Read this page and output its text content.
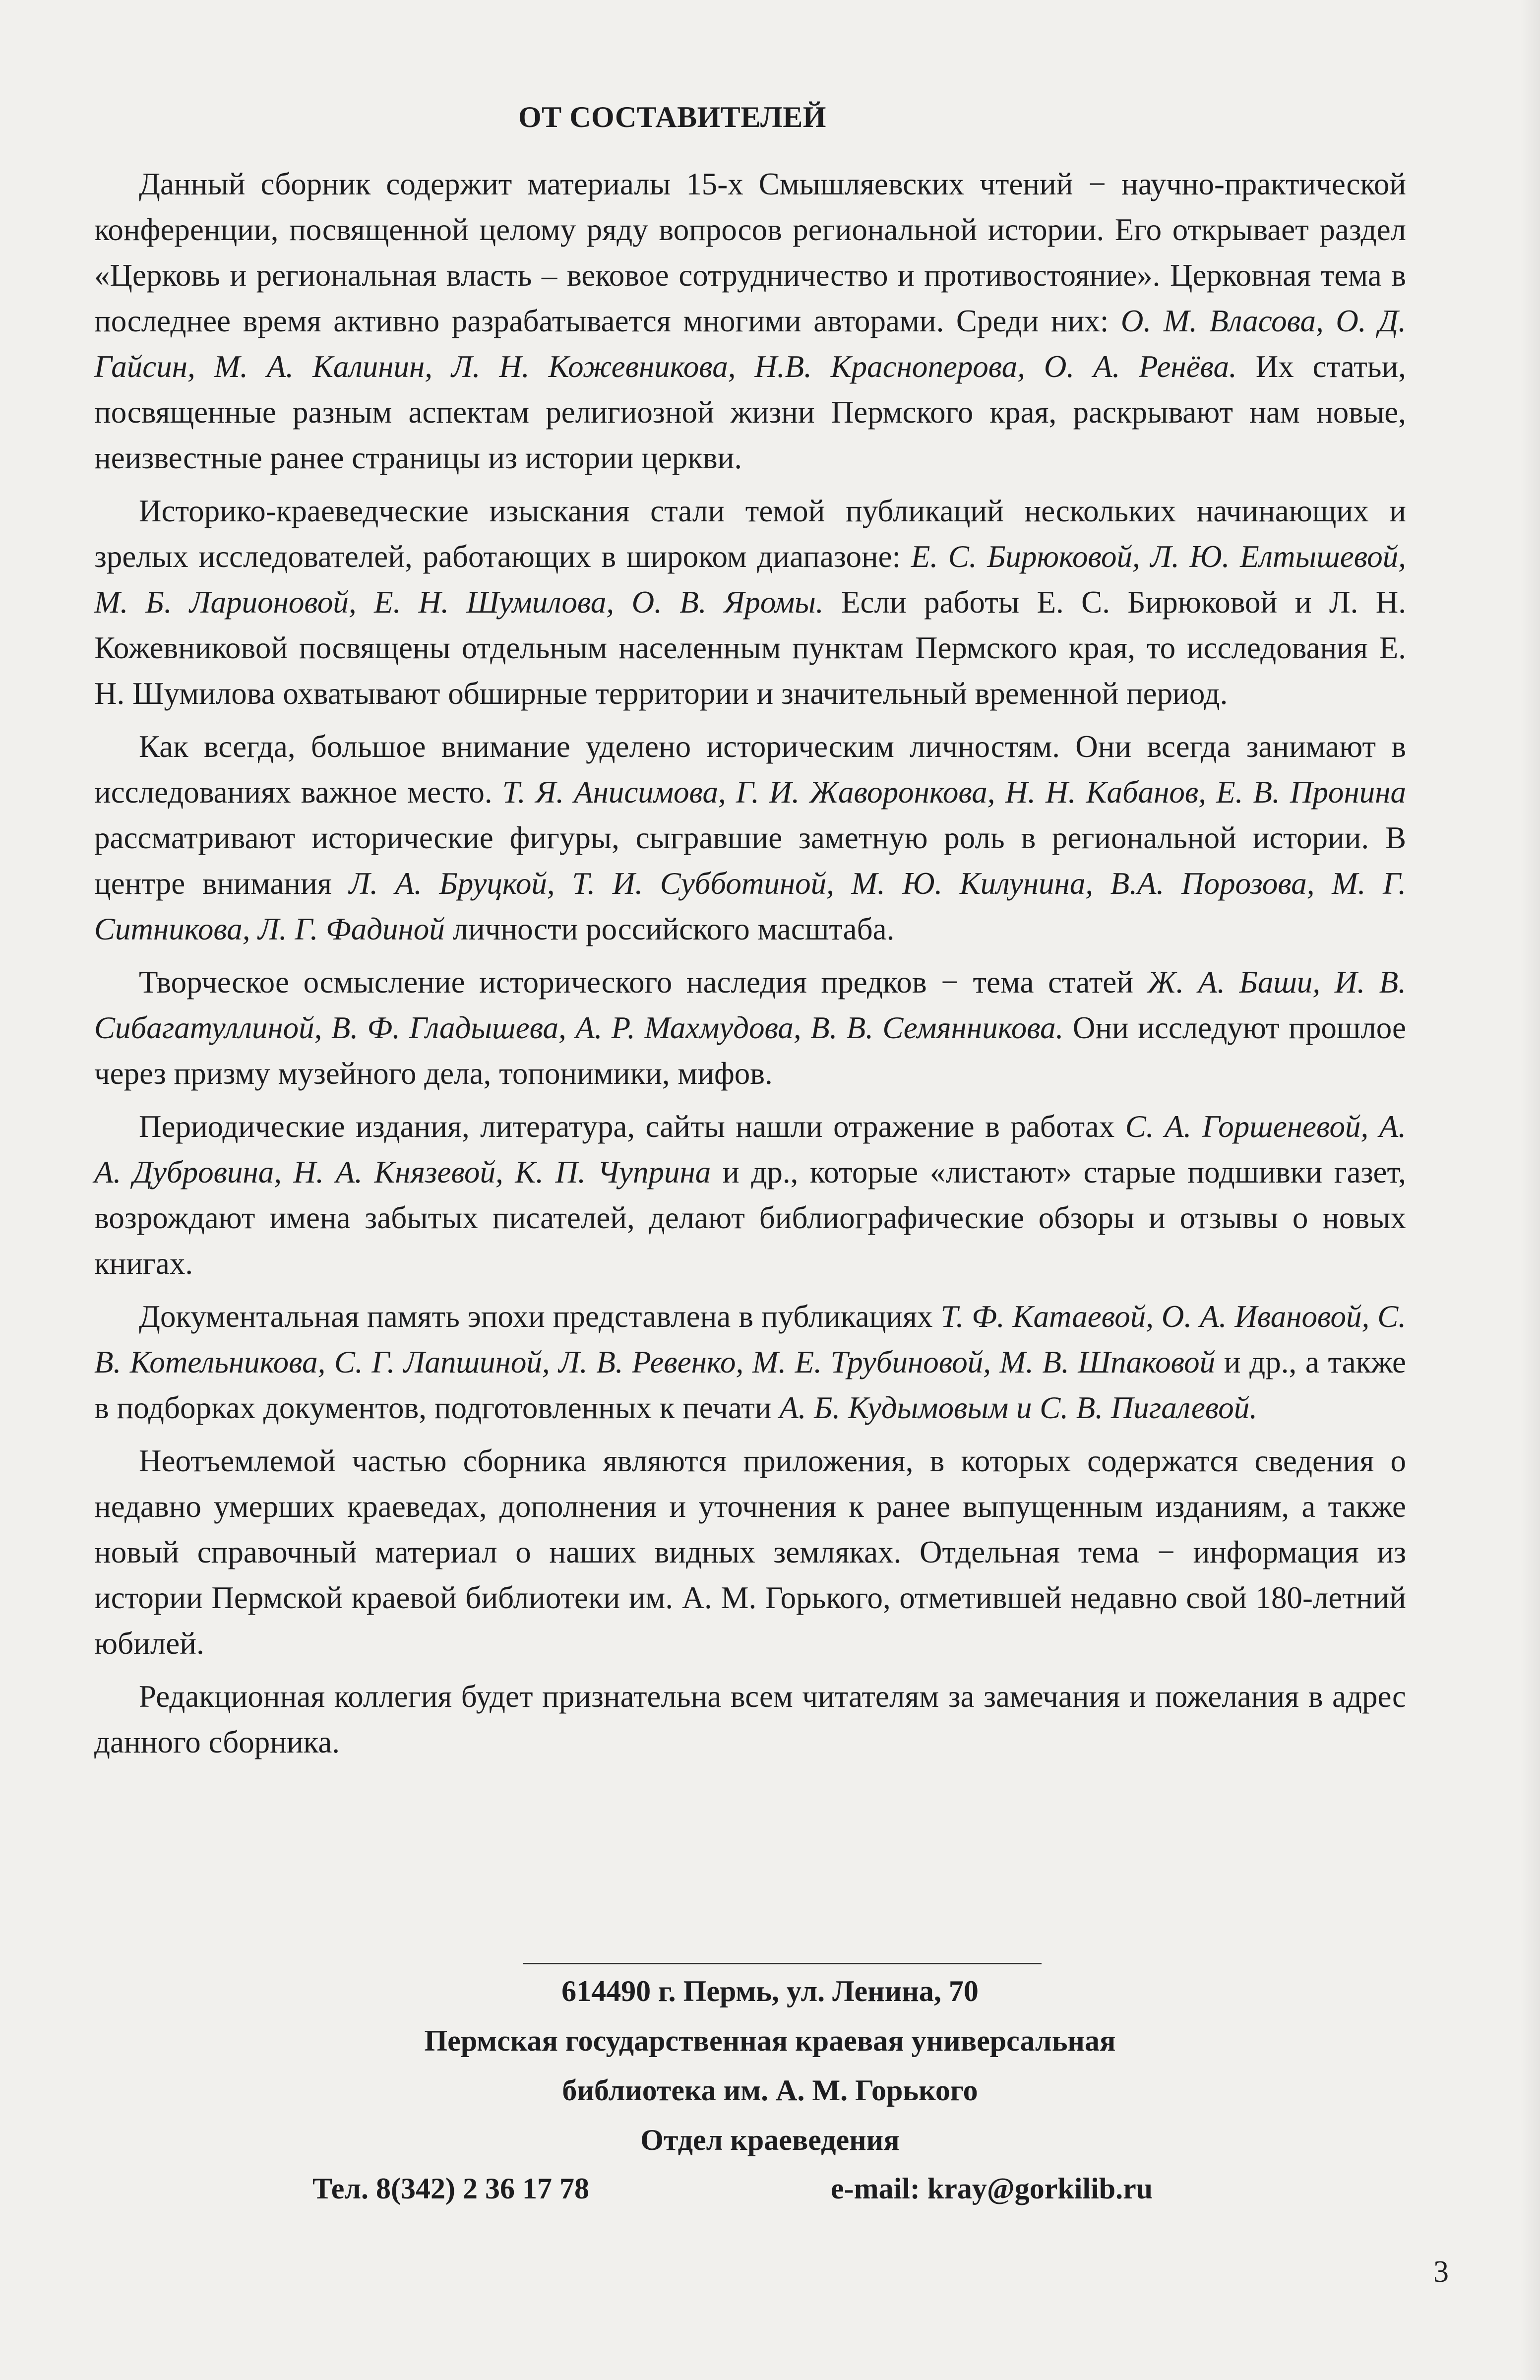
ОТ СОСТАВИТЕЛЕЙ

Данный сборник содержит материалы 15-х Смышляевских чтений − научно-практической конференции, посвященной целому ряду вопросов региональной истории. Его открывает раздел «Церковь и региональная власть – вековое сотрудничество и противостояние». Церковная тема в последнее время активно разрабатывается многими авторами. Среди них: О. М. Власова, О. Д. Гайсин, М. А. Калинин, Л. Н. Кожевникова, Н.В. Краснoперова, О. А. Ренёва. Их статьи, посвященные разным аспектам религиозной жизни Пермского края, раскрывают нам новые, неизвестные ранее страницы из истории церкви.

Историко-краеведческие изыскания стали темой публикаций нескольких начинающих и зрелых исследователей, работающих в широком диапазоне: Е. С. Бирюковой, Л. Ю. Елтышевой, М. Б. Ларионовой, Е. Н. Шумилова, О. В. Яромы. Если работы Е. С. Бирюковой и Л. Н. Кожевниковой посвящены отдельным населенным пунктам Пермского края, то исследования Е. Н. Шумилова охватывают обширные территории и значительный временной период.

Как всегда, большое внимание уделено историческим личностям. Они всегда занимают в исследованиях важное место. Т. Я. Анисимова, Г. И. Жаворонкова, Н. Н. Кабанов, Е. В. Пронина рассматривают исторические фигуры, сыгравшие заметную роль в региональной истории. В центре внимания Л. А. Бруцкой, Т. И. Субботиной, М. Ю. Килунина, В.А. Порозова, М. Г. Ситникова, Л. Г. Фадиной личности российского масштаба.

Творческое осмысление исторического наследия предков − тема статей Ж. А. Баши, И. В. Сибагатуллиной, В. Ф. Гладышева, А. Р. Махмудова, В. В. Семянникова. Они исследуют прошлое через призму музейного дела, топонимики, мифов.

Периодические издания, литература, сайты нашли отражение в работах С. А. Горшеневой, А. А. Дубровина, Н. А. Князевой, К. П. Чуприна и др., которые «листают» старые подшивки газет, возрождают имена забытых писателей, делают библиографические обзоры и отзывы о новых книгах.

Документальная память эпохи представлена в публикациях Т. Ф. Катаевой, О. А. Ивановой, С. В. Котельникова, С. Г. Лапшиной, Л. В. Ревенко, М. Е. Трубиновой, М. В. Шпаковой и др., а также в подборках документов, подготовленных к печати А. Б. Кудымовым и С. В. Пигалевой.

Неотъемлемой частью сборника являются приложения, в которых содержатся сведения о недавно умерших краеведах, дополнения и уточнения к ранее выпущенным изданиям, а также новый справочный материал о наших видных земляках. Отдельная тема − информация из истории Пермской краевой библиотеки им. А. М. Горького, отметившей недавно свой 180-летний юбилей.

Редакционная коллегия будет признательна всем читателям за замечания и пожелания в адрес данного сборника.

614490 г. Пермь, ул. Ленина, 70
Пермская государственная краевая универсальная
библиотека им. А. М. Горького
Отдел краеведения
Тел. 8(342) 2 36 17 78	e-mail: kray@gorkilib.ru
3
